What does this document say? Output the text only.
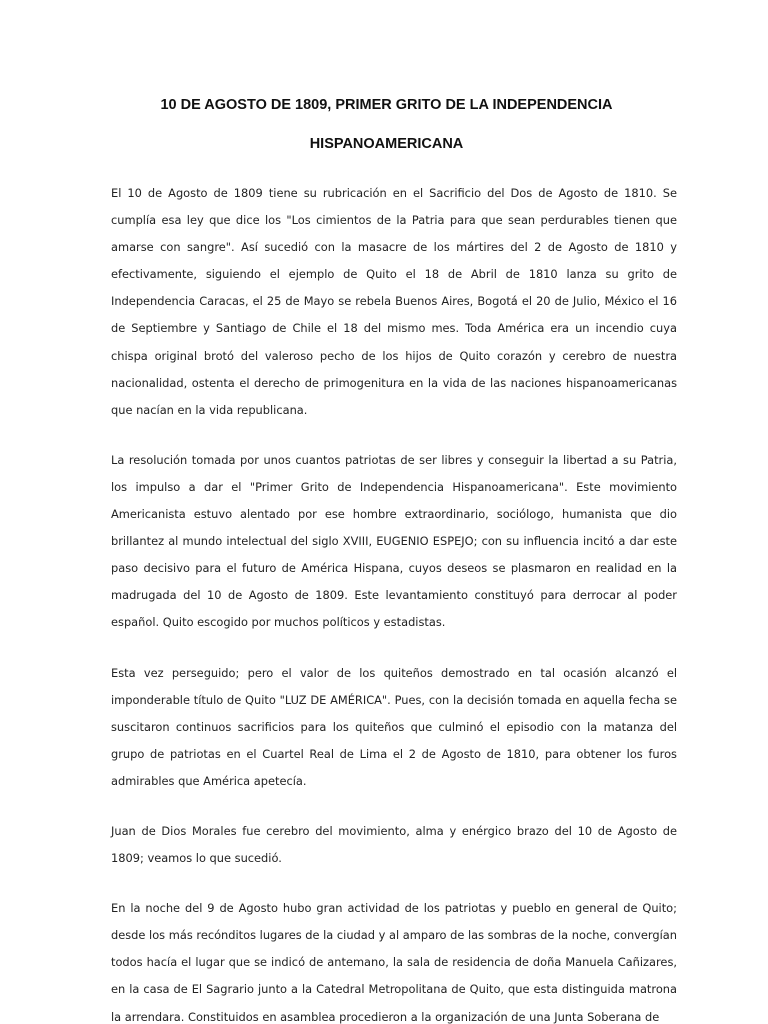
10 DE AGOSTO DE 1809, PRIMER GRITO DE LA INDEPENDENCIA
HISPANOAMERICANA

El 10 de Agosto de 1809 tiene su rubricación en el Sacrificio del Dos de Agosto de 1810. Se cumplía esa ley que dice los "Los cimientos de la Patria para que sean perdurables tienen que amarse con sangre". Así sucedió con la masacre de los mártires del 2 de Agosto de 1810 y efectivamente, siguiendo el ejemplo de Quito el 18 de Abril de 1810 lanza su grito de Independencia Caracas, el 25 de Mayo se rebela Buenos Aires, Bogotá el 20 de Julio, México el 16 de Septiembre y Santiago de Chile el 18 del mismo mes. Toda América era un incendio cuya chispa original brotó del valeroso pecho de los hijos de Quito corazón y cerebro de nuestra nacionalidad, ostenta el derecho de primogenitura en la vida de las naciones hispanoamericanas que nacían en la vida republicana.

La resolución tomada por unos cuantos patriotas de ser libres y conseguir la libertad a su Patria, los impulso a dar el "Primer Grito de Independencia Hispanoamericana". Este movimiento Americanista estuvo alentado por ese hombre extraordinario, sociólogo, humanista que dio brillantez al mundo intelectual del siglo XVIII, EUGENIO ESPEJO; con su influencia incitó a dar este paso decisivo para el futuro de América Hispana, cuyos deseos se plasmaron en realidad en la madrugada del 10 de Agosto de 1809. Este levantamiento constituyó para derrocar al poder español. Quito escogido por muchos políticos y estadistas.

Esta vez perseguido; pero el valor de los quiteños demostrado en tal ocasión alcanzó el imponderable título de Quito "LUZ DE AMÉRICA". Pues, con la decisión tomada en aquella fecha se suscitaron continuos sacrificios para los quiteños que culminó el episodio con la matanza del grupo de patriotas en el Cuartel Real de Lima el 2 de Agosto de 1810, para obtener los furos admirables que América apetecía.

Juan de Dios Morales fue cerebro del movimiento, alma y enérgico brazo del 10 de Agosto de 1809; veamos lo que sucedió.

En la noche del 9 de Agosto hubo gran actividad de los patriotas y pueblo en general de Quito; desde los más recónditos lugares de la ciudad y al amparo de las sombras de la noche, convergían todos hacía el lugar que se indicó de antemano, la sala de residencia de doña Manuela Cañizares, en la casa de El Sagrario junto a la Catedral Metropolitana de Quito, que esta distinguida matrona la arrendara. Constituidos en asamblea procedieron a la organización de una Junta Soberana de
